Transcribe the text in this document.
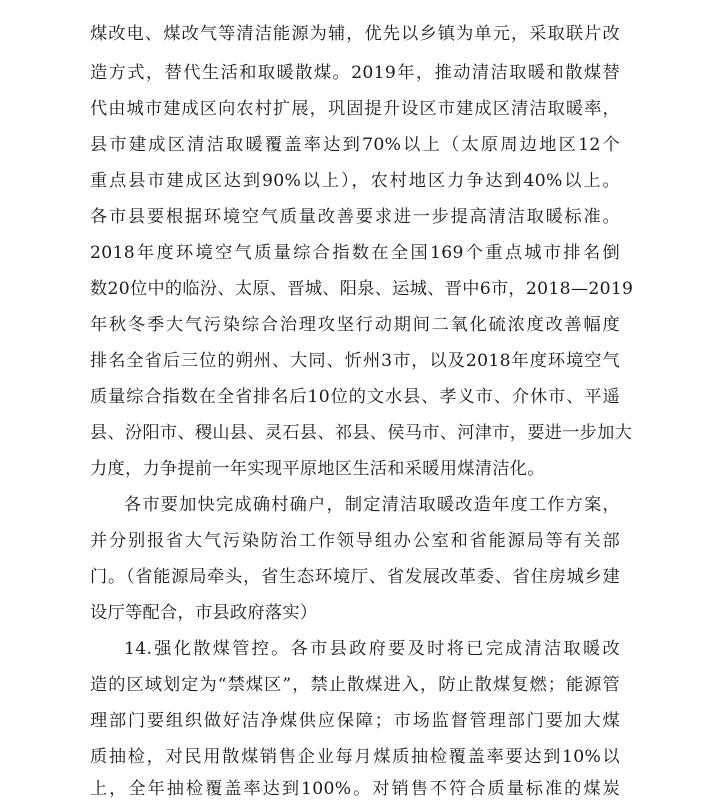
煤改电、煤改气等清洁能源为辅，优先以乡镇为单元，采取联片改
造方式，替代生活和取暖散煤。2019年，推动清洁取暖和散煤替
代由城市建成区向农村扩展，巩固提升设区市建成区清洁取暖率，
县市建成区清洁取暖覆盖率达到70%以上（太原周边地区12个
重点县市建成区达到90%以上），农村地区力争达到40%以上。
各市县要根据环境空气质量改善要求进一步提高清洁取暖标准。
2018年度环境空气质量综合指数在全国169个重点城市排名倒
数20位中的临汾、太原、晋城、阳泉、运城、晋中6市，2018—2019
年秋冬季大气污染综合治理攻坚行动期间二氧化硫浓度改善幅度
排名全省后三位的朔州、大同、忻州3市，以及2018年度环境空气
质量综合指数在全省排名后10位的文水县、孝义市、介休市、平遥
县、汾阳市、稷山县、灵石县、祁县、侯马市、河津市，要进一步加大
力度，力争提前一年实现平原地区生活和采暖用煤清洁化。
各市要加快完成确村确户，制定清洁取暖改造年度工作方案，
并分别报省大气污染防治工作领导组办公室和省能源局等有关部
门。（省能源局牵头，省生态环境厅、省发展改革委、省住房城乡建
设厅等配合，市县政府落实）
14.强化散煤管控。各市县政府要及时将已完成清洁取暖改
造的区域划定为“禁煤区”，禁止散煤进入，防止散煤复燃；能源管
理部门要组织做好洁净煤供应保障；市场监督管理部门要加大煤
质抽检，对民用散煤销售企业每月煤质抽检覆盖率要达到10%以
上，全年抽检覆盖率达到100%。对销售不符合质量标准的煤炭
